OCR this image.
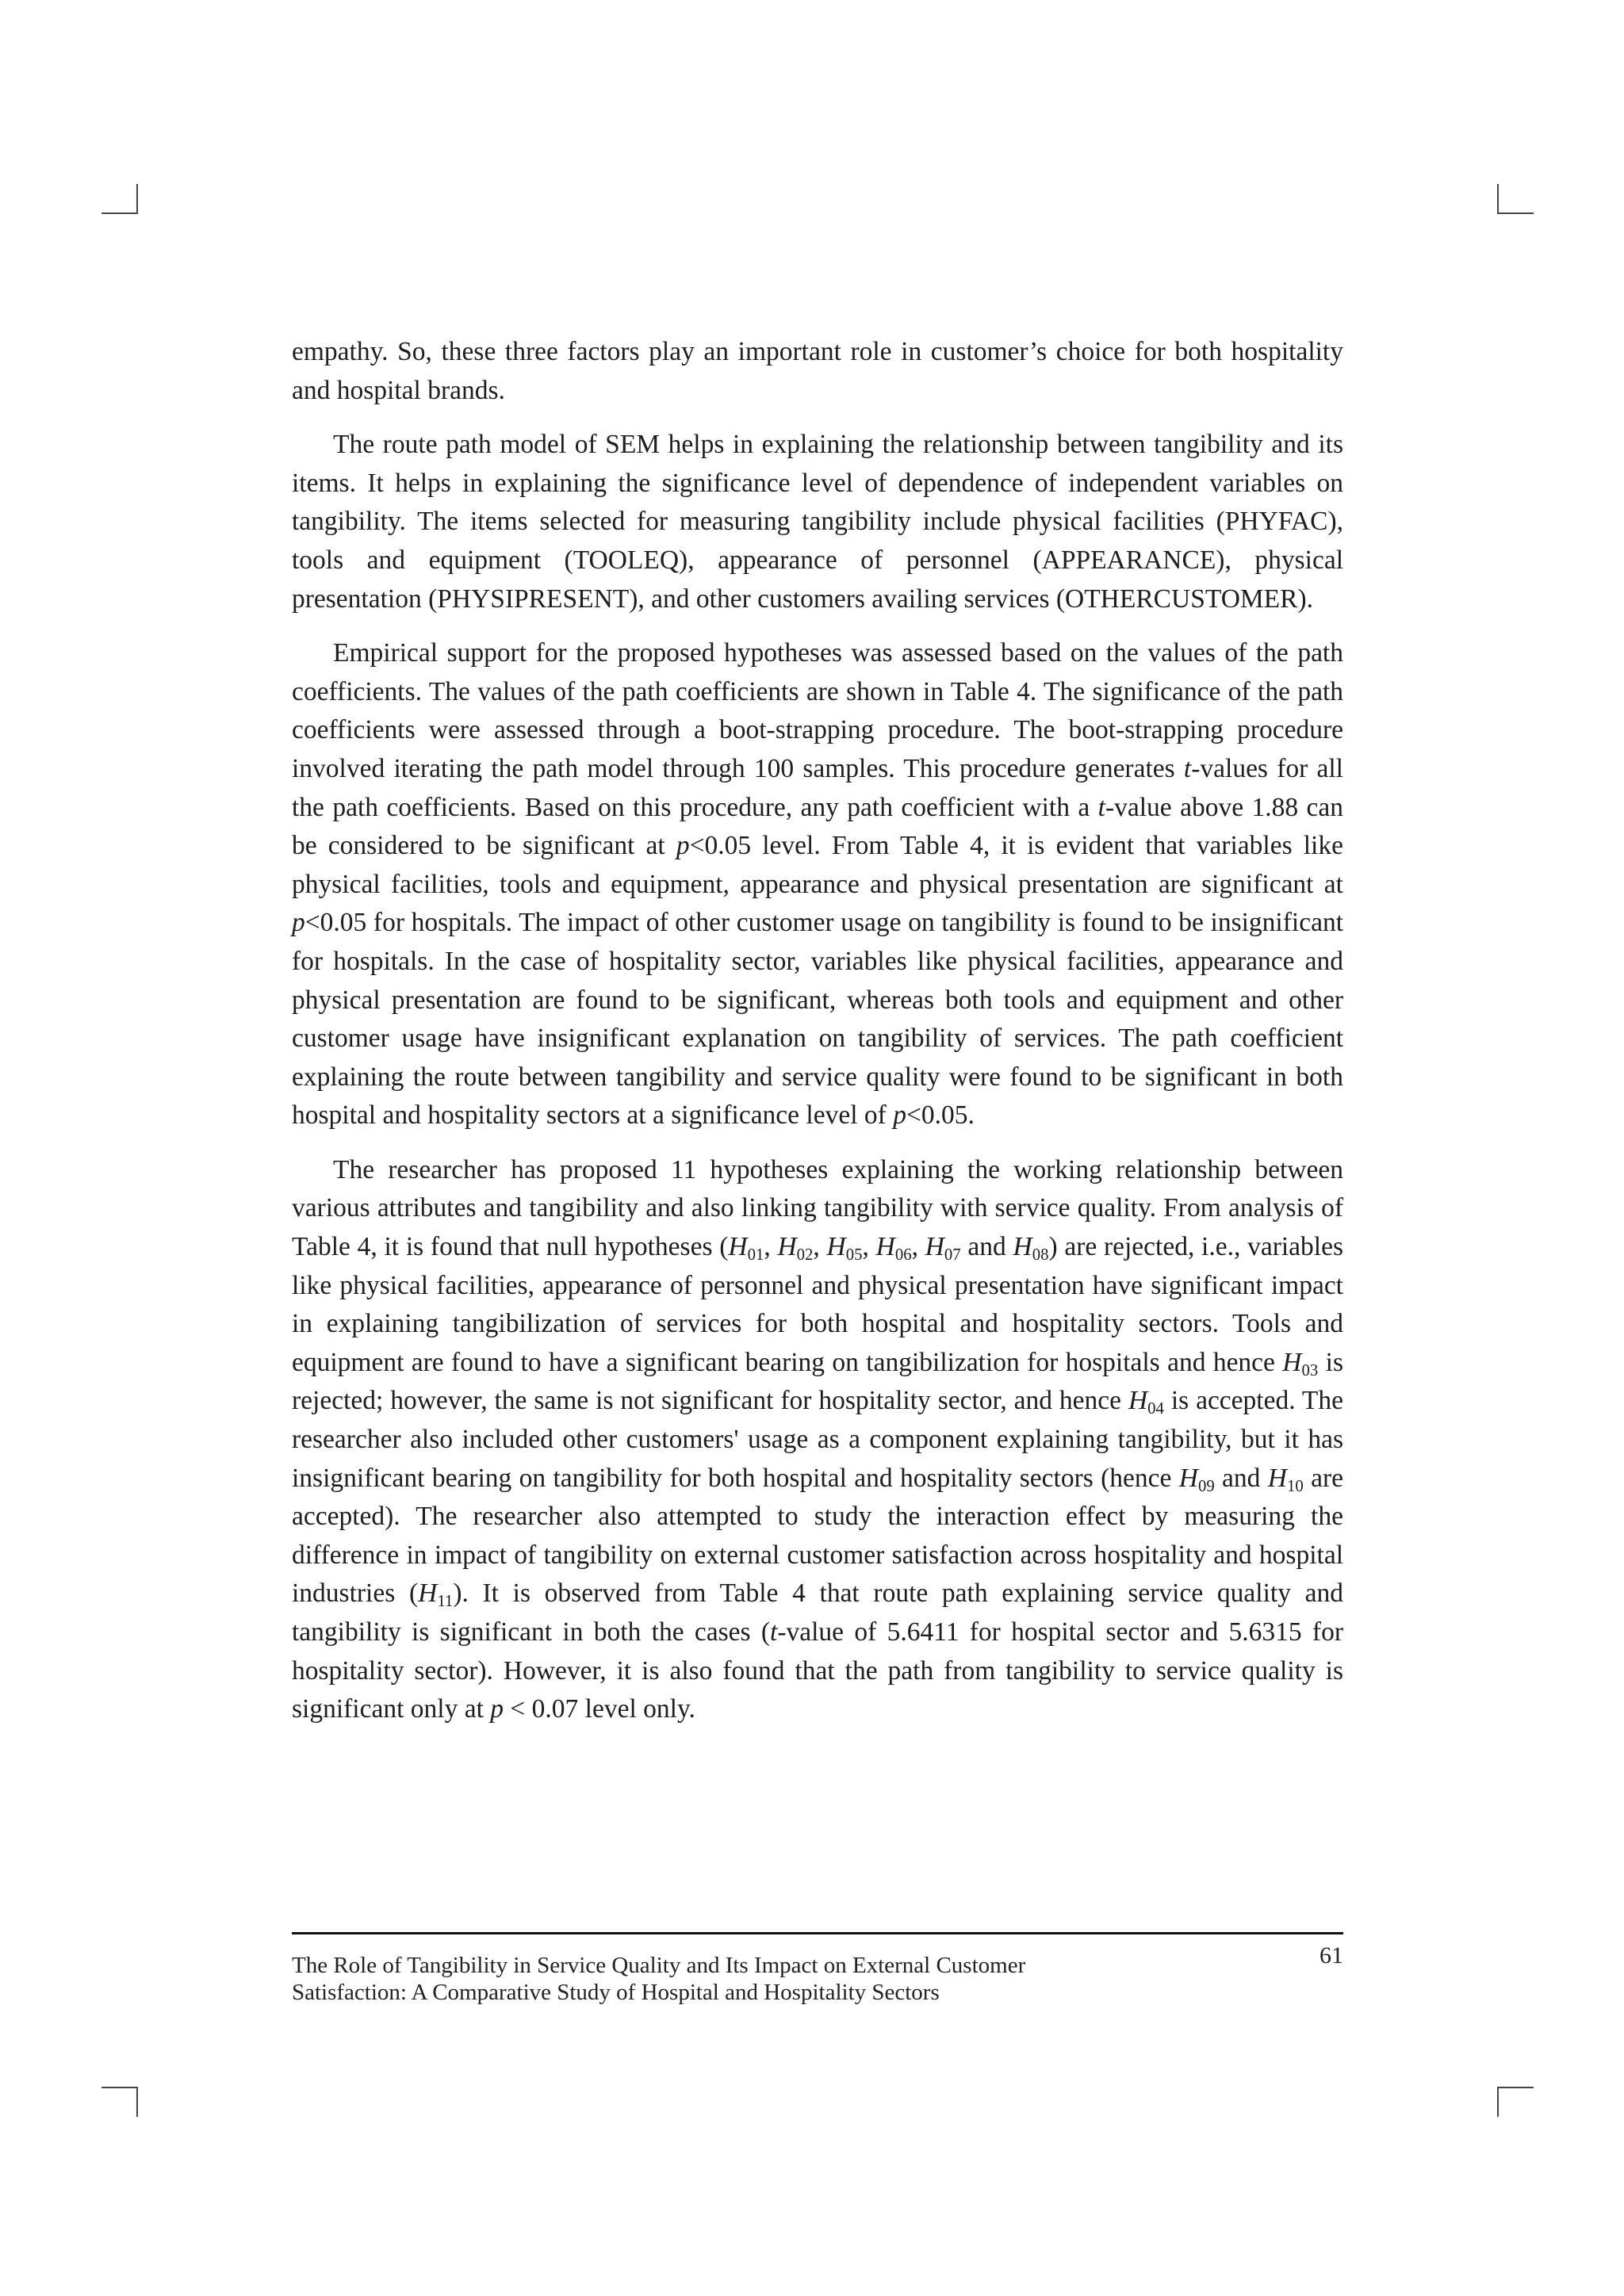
empathy. So, these three factors play an important role in customer’s choice for both hospitality and hospital brands.

The route path model of SEM helps in explaining the relationship between tangibility and its items. It helps in explaining the significance level of dependence of independent variables on tangibility. The items selected for measuring tangibility include physical facilities (PHYFAC), tools and equipment (TOOLEQ), appearance of personnel (APPEARANCE), physical presentation (PHYSIPRESENT), and other customers availing services (OTHERCUSTOMER).

Empirical support for the proposed hypotheses was assessed based on the values of the path coefficients. The values of the path coefficients are shown in Table 4. The significance of the path coefficients were assessed through a boot-strapping procedure. The boot-strapping procedure involved iterating the path model through 100 samples. This procedure generates t-values for all the path coefficients. Based on this procedure, any path coefficient with a t-value above 1.88 can be considered to be significant at p<0.05 level. From Table 4, it is evident that variables like physical facilities, tools and equipment, appearance and physical presentation are significant at p<0.05 for hospitals. The impact of other customer usage on tangibility is found to be insignificant for hospitals. In the case of hospitality sector, variables like physical facilities, appearance and physical presentation are found to be significant, whereas both tools and equipment and other customer usage have insignificant explanation on tangibility of services. The path coefficient explaining the route between tangibility and service quality were found to be significant in both hospital and hospitality sectors at a significance level of p<0.05.

The researcher has proposed 11 hypotheses explaining the working relationship between various attributes and tangibility and also linking tangibility with service quality. From analysis of Table 4, it is found that null hypotheses ($H_{01}$, $H_{02}$, $H_{05}$, $H_{06}$, $H_{07}$ and $H_{08}$) are rejected, i.e., variables like physical facilities, appearance of personnel and physical presentation have significant impact in explaining tangibilization of services for both hospital and hospitality sectors. Tools and equipment are found to have a significant bearing on tangibilization for hospitals and hence $H_{03}$ is rejected; however, the same is not significant for hospitality sector, and hence $H_{04}$ is accepted. The researcher also included other customers' usage as a component explaining tangibility, but it has insignificant bearing on tangibility for both hospital and hospitality sectors (hence $H_{09}$ and $H_{10}$ are accepted). The researcher also attempted to study the interaction effect by measuring the difference in impact of tangibility on external customer satisfaction across hospitality and hospital industries $(H_{11})$. It is observed from Table 4 that route path explaining service quality and tangibility is significant in both the cases (t-value of 5.6411 for hospital sector and 5.6315 for hospitality sector). However, it is also found that the path from tangibility to service quality is significant only at p < 0.07 level only.

The Role of Tangibility in Service Quality and Its Impact on External Customer
Satisfaction: A Comparative Study of Hospital and Hospitality Sectors
61
